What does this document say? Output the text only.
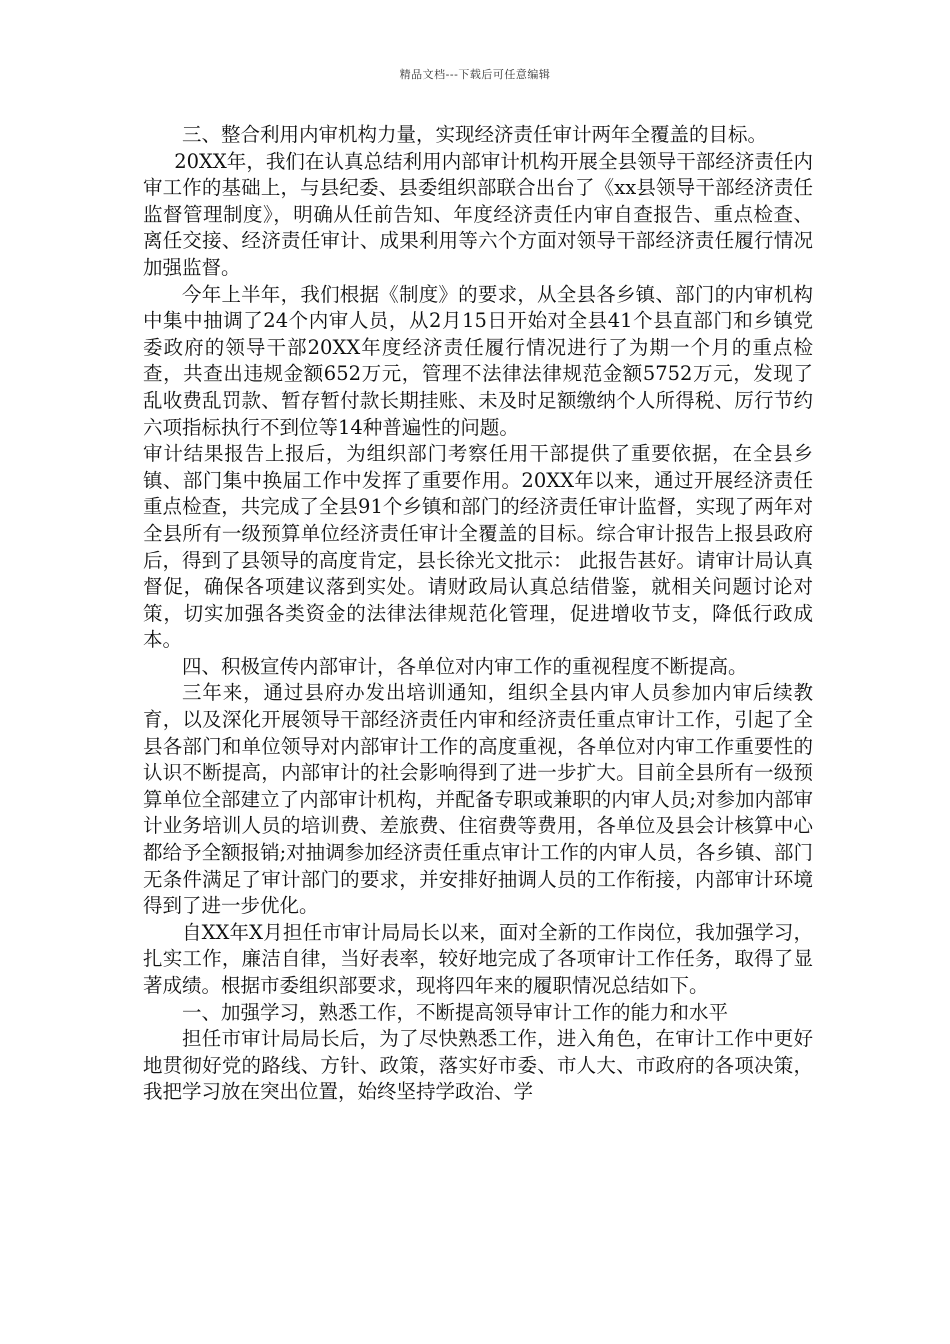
精品文档---下载后可任意编辑

三、整合利用内审机构力量，实现经济责任审计两年全覆盖的目标。

20XX年，我们在认真总结利用内部审计机构开展全县领导干部经济责任内审工作的基础上，与县纪委、县委组织部联合出台了《xx县领导干部经济责任监督管理制度》，明确从任前告知、年度经济责任内审自查报告、重点检查、离任交接、经济责任审计、成果利用等六个方面对领导干部经济责任履行情况加强监督。

今年上半年，我们根据《制度》的要求，从全县各乡镇、部门的内审机构中集中抽调了24个内审人员，从2月15日开始对全县41个县直部门和乡镇党委政府的领导干部20XX年度经济责任履行情况进行了为期一个月的重点检查，共查出违规金额652万元，管理不法律法律规范金额5752万元，发现了乱收费乱罚款、暂存暂付款长期挂账、未及时足额缴纳个人所得税、厉行节约六项指标执行不到位等14种普遍性的问题。

审计结果报告上报后，为组织部门考察任用干部提供了重要依据，在全县乡镇、部门集中换届工作中发挥了重要作用。20XX年以来，通过开展经济责任重点检查，共完成了全县91个乡镇和部门的经济责任审计监督，实现了两年对全县所有一级预算单位经济责任审计全覆盖的目标。综合审计报告上报县政府后，得到了县领导的高度肯定，县长徐光文批示： 此报告甚好。请审计局认真督促，确保各项建议落到实处。请财政局认真总结借鉴，就相关问题讨论对策，切实加强各类资金的法律法律规范化管理，促进增收节支，降低行政成本。

四、积极宣传内部审计，各单位对内审工作的重视程度不断提高。

三年来，通过县府办发出培训通知，组织全县内审人员参加内审后续教育，以及深化开展领导干部经济责任内审和经济责任重点审计工作，引起了全县各部门和单位领导对内部审计工作的高度重视，各单位对内审工作重要性的认识不断提高，内部审计的社会影响得到了进一步扩大。目前全县所有一级预算单位全部建立了内部审计机构，并配备专职或兼职的内审人员;对参加内部审计业务培训人员的培训费、差旅费、住宿费等费用，各单位及县会计核算中心都给予全额报销;对抽调参加经济责任重点审计工作的内审人员，各乡镇、部门无条件满足了审计部门的要求，并安排好抽调人员的工作衔接，内部审计环境得到了进一步优化。

自XX年X月担任市审计局局长以来，面对全新的工作岗位，我加强学习，扎实工作，廉洁自律，当好表率，较好地完成了各项审计工作任务，取得了显著成绩。根据市委组织部要求，现将四年来的履职情况总结如下。

一、加强学习，熟悉工作，不断提高领导审计工作的能力和水平

担任市审计局局长后，为了尽快熟悉工作，进入角色，在审计工作中更好地贯彻好党的路线、方针、政策，落实好市委、市人大、市政府的各项决策，我把学习放在突出位置，始终坚持学政治、学
